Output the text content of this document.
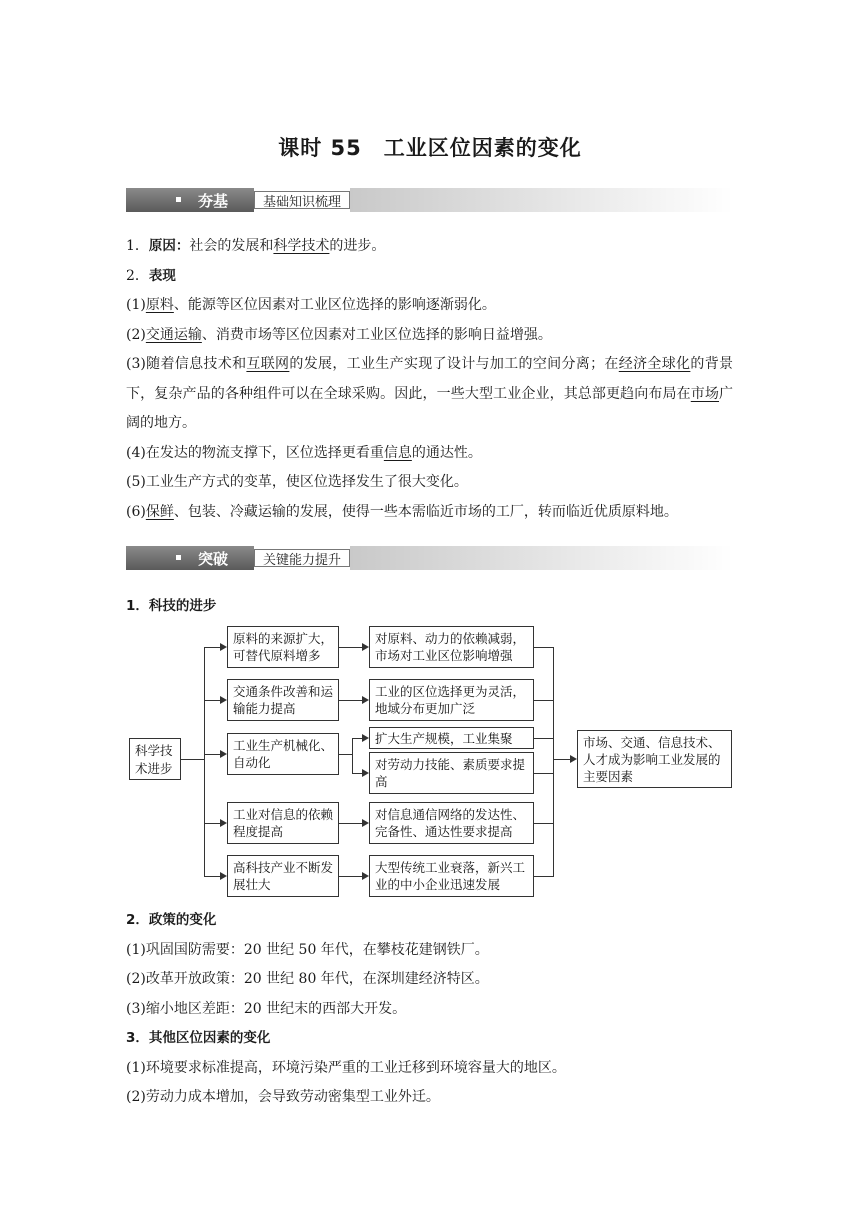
课时 55　工业区位因素的变化
夯基	基础知识梳理

1．原因：社会的发展和科学技术的进步。

2．表现

(1)原料、能源等区位因素对工业区位选择的影响逐渐弱化。

(2)交通运输、消费市场等区位因素对工业区位选择的影响日益增强。

(3)随着信息技术和互联网的发展，工业生产实现了设计与加工的空间分离；在经济全球化的背景下，复杂产品的各种组件可以在全球采购。因此，一些大型工业企业，其总部更趋向布局在市场广阔的地方。

(4)在发达的物流支撑下，区位选择更看重信息的通达性。

(5)工业生产方式的变革，使区位选择发生了很大变化。

(6)保鲜、包装、冷藏运输的发展，使得一些本需临近市场的工厂，转而临近优质原料地。

突破	关键能力提升

1．科技的进步

科学技术进步
原料的来源扩大，可替代原料增多
交通条件改善和运输能力提高
工业生产机械化、自动化
工业对信息的依赖程度提高
高科技产业不断发展壮大
对原料、动力的依赖减弱，市场对工业区位影响增强
工业的区位选择更为灵活，地域分布更加广泛
扩大生产规模，工业集聚
对劳动力技能、素质要求提高
对信息通信网络的发达性、完备性、通达性要求提高
大型传统工业衰落，新兴工业的中小企业迅速发展
市场、交通、信息技术、人才成为影响工业发展的主要因素

2．政策的变化

(1)巩固国防需要：20 世纪 50 年代，在攀枝花建钢铁厂。

(2)改革开放政策：20 世纪 80 年代，在深圳建经济特区。

(3)缩小地区差距：20 世纪末的西部大开发。

3．其他区位因素的变化

(1)环境要求标准提高，环境污染严重的工业迁移到环境容量大的地区。

(2)劳动力成本增加，会导致劳动密集型工业外迁。
